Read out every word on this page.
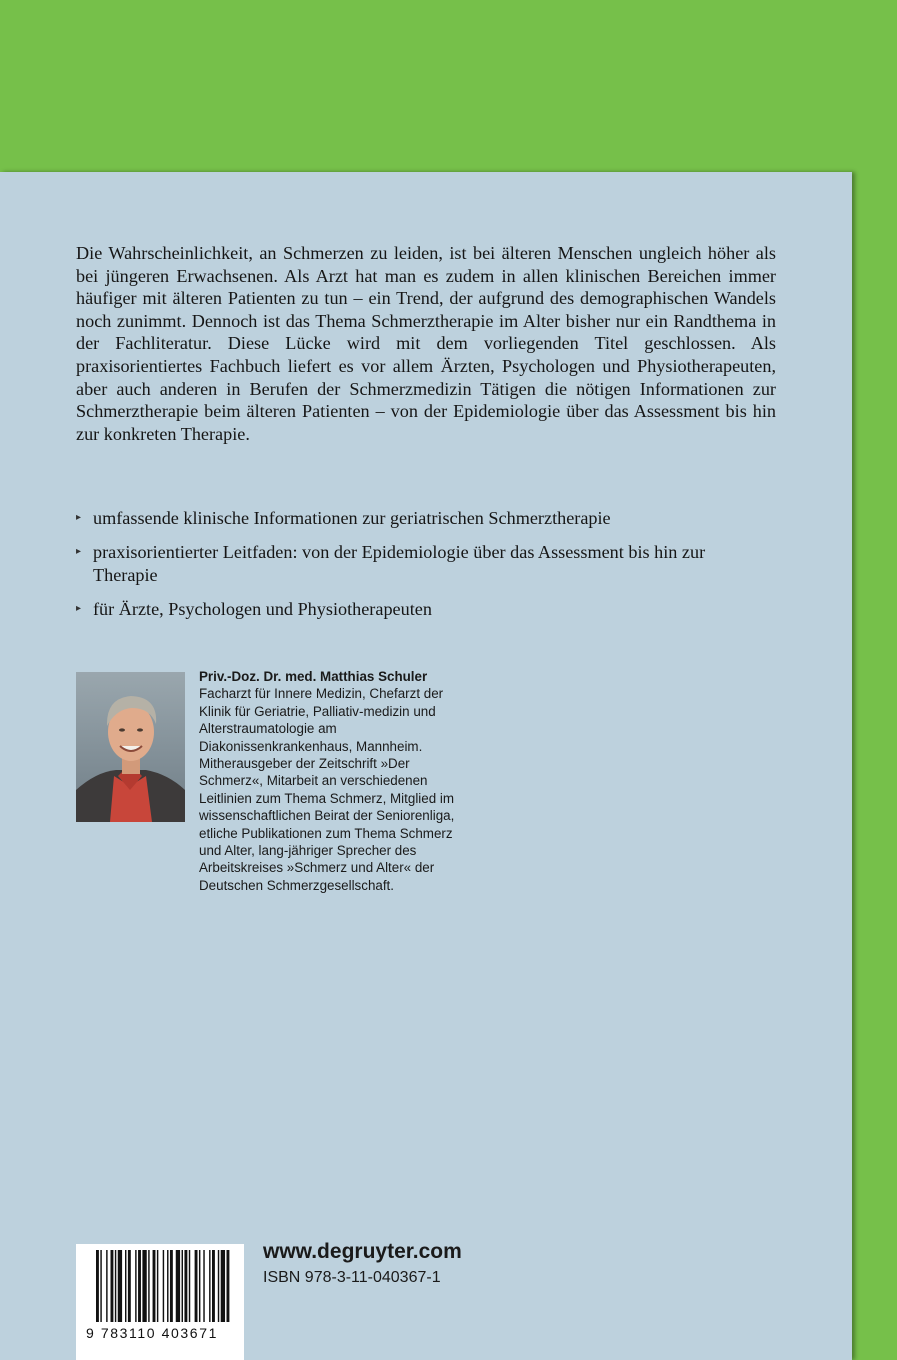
Die Wahrscheinlichkeit, an Schmerzen zu leiden, ist bei älteren Menschen ungleich höher als bei jüngeren Erwachsenen. Als Arzt hat man es zudem in allen klinischen Bereichen immer häufiger mit älteren Patienten zu tun – ein Trend, der aufgrund des demographischen Wandels noch zunimmt. Dennoch ist das Thema Schmerztherapie im Alter bisher nur ein Randthema in der Fachliteratur. Diese Lücke wird mit dem vorliegenden Titel geschlossen. Als praxisorientiertes Fachbuch liefert es vor allem Ärzten, Psychologen und Physiotherapeuten, aber auch anderen in Berufen der Schmerzmedizin Tätigen die nötigen Informationen zur Schmerztherapie beim älteren Patienten – von der Epidemiologie über das Assessment bis hin zur konkreten Therapie.

▸ umfassende klinische Informationen zur geriatrischen Schmerztherapie
▸ praxisorientierter Leitfaden: von der Epidemiologie über das Assessment bis hin zur Therapie
▸ für Ärzte, Psychologen und Physiotherapeuten
Priv.-Doz. Dr. med. Matthias Schuler
Facharzt für Innere Medizin, Chefarzt der Klinik für Geriatrie, Palliativ-medizin und Alterstraumatologie am Diakonissenkrankenhaus, Mannheim. Mitherausgeber der Zeitschrift »Der Schmerz«, Mitarbeit an verschiedenen Leitlinien zum Thema Schmerz, Mitglied im wissenschaftlichen Beirat der Seniorenliga, etliche Publikationen zum Thema Schmerz und Alter, lang-jähriger Sprecher des Arbeitskreises »Schmerz und Alter« der Deutschen Schmerzgesellschaft.
9 783110 403671
www.degruyter.com
ISBN 978-3-11-040367-1
